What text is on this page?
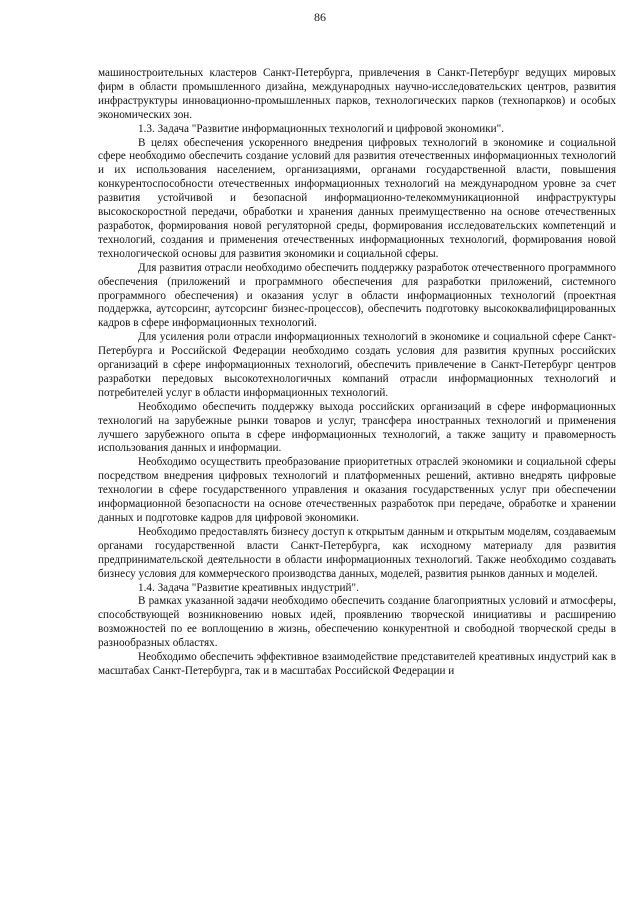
86

машиностроительных кластеров Санкт-Петербурга, привлечения в Санкт-Петербург ведущих мировых фирм в области промышленного дизайна, международных научно-исследовательских центров, развития инфраструктуры инновационно-промышленных парков, технологических парков (технопарков) и особых экономических зон.

1.3. Задача "Развитие информационных технологий и цифровой экономики".

В целях обеспечения ускоренного внедрения цифровых технологий в экономике и социальной сфере необходимо обеспечить создание условий для развития отечественных информационных технологий и их использования населением, организациями, органами государственной власти, повышения конкурентоспособности отечественных информационных технологий на международном уровне за счет развития устойчивой и безопасной информационно-телекоммуникационной инфраструктуры высокоскоростной передачи, обработки и хранения данных преимущественно на основе отечественных разработок, формирования новой регуляторной среды, формирования исследовательских компетенций и технологий, создания и применения отечественных информационных технологий, формирования новой технологической основы для развития экономики и социальной сферы.

Для развития отрасли необходимо обеспечить поддержку разработок отечественного программного обеспечения (приложений и программного обеспечения для разработки приложений, системного программного обеспечения) и оказания услуг в области информационных технологий (проектная поддержка, аутсорсинг, аутсорсинг бизнес-процессов), обеспечить подготовку высококвалифицированных кадров в сфере информационных технологий.

Для усиления роли отрасли информационных технологий в экономике и социальной сфере Санкт-Петербурга и Российской Федерации необходимо создать условия для развития крупных российских организаций в сфере информационных технологий, обеспечить привлечение в Санкт-Петербург центров разработки передовых высокотехнологичных компаний отрасли информационных технологий и потребителей услуг в области информационных технологий.

Необходимо обеспечить поддержку выхода российских организаций в сфере информационных технологий на зарубежные рынки товаров и услуг, трансфера иностранных технологий и применения лучшего зарубежного опыта в сфере информационных технологий, а также защиту и правомерность использования данных и информации.

Необходимо осуществить преобразование приоритетных отраслей экономики и социальной сферы посредством внедрения цифровых технологий и платформенных решений, активно внедрять цифровые технологии в сфере государственного управления и оказания государственных услуг при обеспечении информационной безопасности на основе отечественных разработок при передаче, обработке и хранении данных и подготовке кадров для цифровой экономики.

Необходимо предоставлять бизнесу доступ к открытым данным и открытым моделям, создаваемым органами государственной власти Санкт-Петербурга, как исходному материалу для развития предпринимательской деятельности в области информационных технологий. Также необходимо создавать бизнесу условия для коммерческого производства данных, моделей, развития рынков данных и моделей.

1.4. Задача "Развитие креативных индустрий".

В рамках указанной задачи необходимо обеспечить создание благоприятных условий и атмосферы, способствующей возникновению новых идей, проявлению творческой инициативы и расширению возможностей по ее воплощению в жизнь, обеспечению конкурентной и свободной творческой среды в разнообразных областях.

Необходимо обеспечить эффективное взаимодействие представителей креативных индустрий как в масштабах Санкт-Петербурга, так и в масштабах Российской Федерации и
